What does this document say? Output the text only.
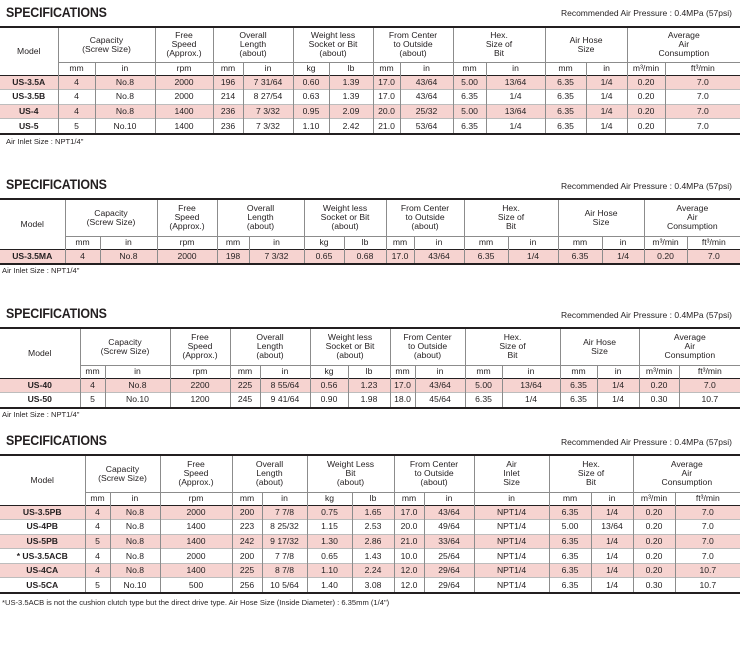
SPECIFICATIONS	Recommended Air Pressure : 0.4MPa (57psi)
Model	Capacity
(Screw Size)		Free
Speed
(Approx.)	Overall
Length
(about)		Weight less
Socket or Bit
(about)		From Center
to Outside
(about)		Hex.
Size of
Bit		Air Hose
Size		Average
Air
Consumption	
	mm	in	rpm	mm	in	kg	lb	mm	in	mm	in	mm	in	m³/min	ft³/min
US-3.5A	4	No.8	2000	196	7 31/64	0.60	1.39	17.0	43/64	5.00	13/64	6.35	1/4	0.20	7.0
US-3.5B	4	No.8	2000	214	8 27/54	0.63	1.39	17.0	43/64	6.35	1/4	6.35	1/4	0.20	7.0
US-4	4	No.8	1400	236	7 3/32	0.95	2.09	20.0	25/32	5.00	13/64	6.35	1/4	0.20	7.0
US-5	5	No.10	1400	236	7 3/32	1.10	2.42	21.0	53/64	6.35	1/4	6.35	1/4	0.20	7.0
Air Inlet Size : NPT1/4"
SPECIFICATIONS	Recommended Air Pressure : 0.4MPa (57psi)
Model	Capacity
(Screw Size)		Free
Speed
(Approx.)	Overall
Length
(about)		Weight less
Socket or Bit
(about)		From Center
to Outside
(about)		Hex.
Size of
Bit		Air Hose
Size		Average
Air
Consumption	
	mm	in	rpm	mm	in	kg	lb	mm	in	mm	in	mm	in	m³/min	ft³/min
US-3.5MA	4	No.8	2000	198	7 3/32	0.65	0.68	17.0	43/64	6.35	1/4	6.35	1/4	0.20	7.0
Air Inlet Size : NPT1/4"
SPECIFICATIONS	Recommended Air Pressure : 0.4MPa (57psi)
Model	Capacity
(Screw Size)		Free
Speed
(Approx.)	Overall
Length
(about)		Weight less
Socket or Bit
(about)		From Center
to Outside
(about)		Hex.
Size of
Bit		Air Hose
Size		Average
Air
Consumption	
	mm	in	rpm	mm	in	kg	lb	mm	in	mm	in	mm	in	m³/min	ft³/min
US-40	4	No.8	2200	225	8 55/64	0.56	1.23	17.0	43/64	5.00	13/64	6.35	1/4	0.20	7.0
US-50	5	No.10	1200	245	9 41/64	0.90	1.98	18.0	45/64	6.35	1/4	6.35	1/4	0.30	10.7
Air Inlet Size : NPT1/4"
SPECIFICATIONS	Recommended Air Pressure : 0.4MPa (57psi)
Model	Capacity
(Screw Size)		Free
Speed
(Approx.)	Overall
Length
(about)		Weight Less
Bit
(about)		From Center
to Outside
(about)		Air
Inlet
Size	Hex.
Size of
Bit		Average
Air
Consumption	
	mm	in	rpm	mm	in	kg	lb	mm	in	in	mm	in	m³/min	ft³/min
US-3.5PB	4	No.8	2000	200	7 7/8	0.75	1.65	17.0	43/64	NPT1/4	6.35	1/4	0.20	7.0
US-4PB	4	No.8	1400	223	8 25/32	1.15	2.53	20.0	49/64	NPT1/4	5.00	13/64	0.20	7.0
US-5PB	5	No.8	1400	242	9 17/32	1.30	2.86	21.0	33/64	NPT1/4	6.35	1/4	0.20	7.0
* US-3.5ACB	4	No.8	2000	200	7 7/8	0.65	1.43	10.0	25/64	NPT1/4	6.35	1/4	0.20	7.0
US-4CA	4	No.8	1400	225	8 7/8	1.10	2.24	12.0	29/64	NPT1/4	6.35	1/4	0.20	10.7
US-5CA	5	No.10	500	256	10 5/64	1.40	3.08	12.0	29/64	NPT1/4	6.35	1/4	0.30	10.7
*US-3.5ACB is not the cushion clutch type but the direct drive type. Air Hose Size (Inside Diameter) : 6.35mm (1/4")
